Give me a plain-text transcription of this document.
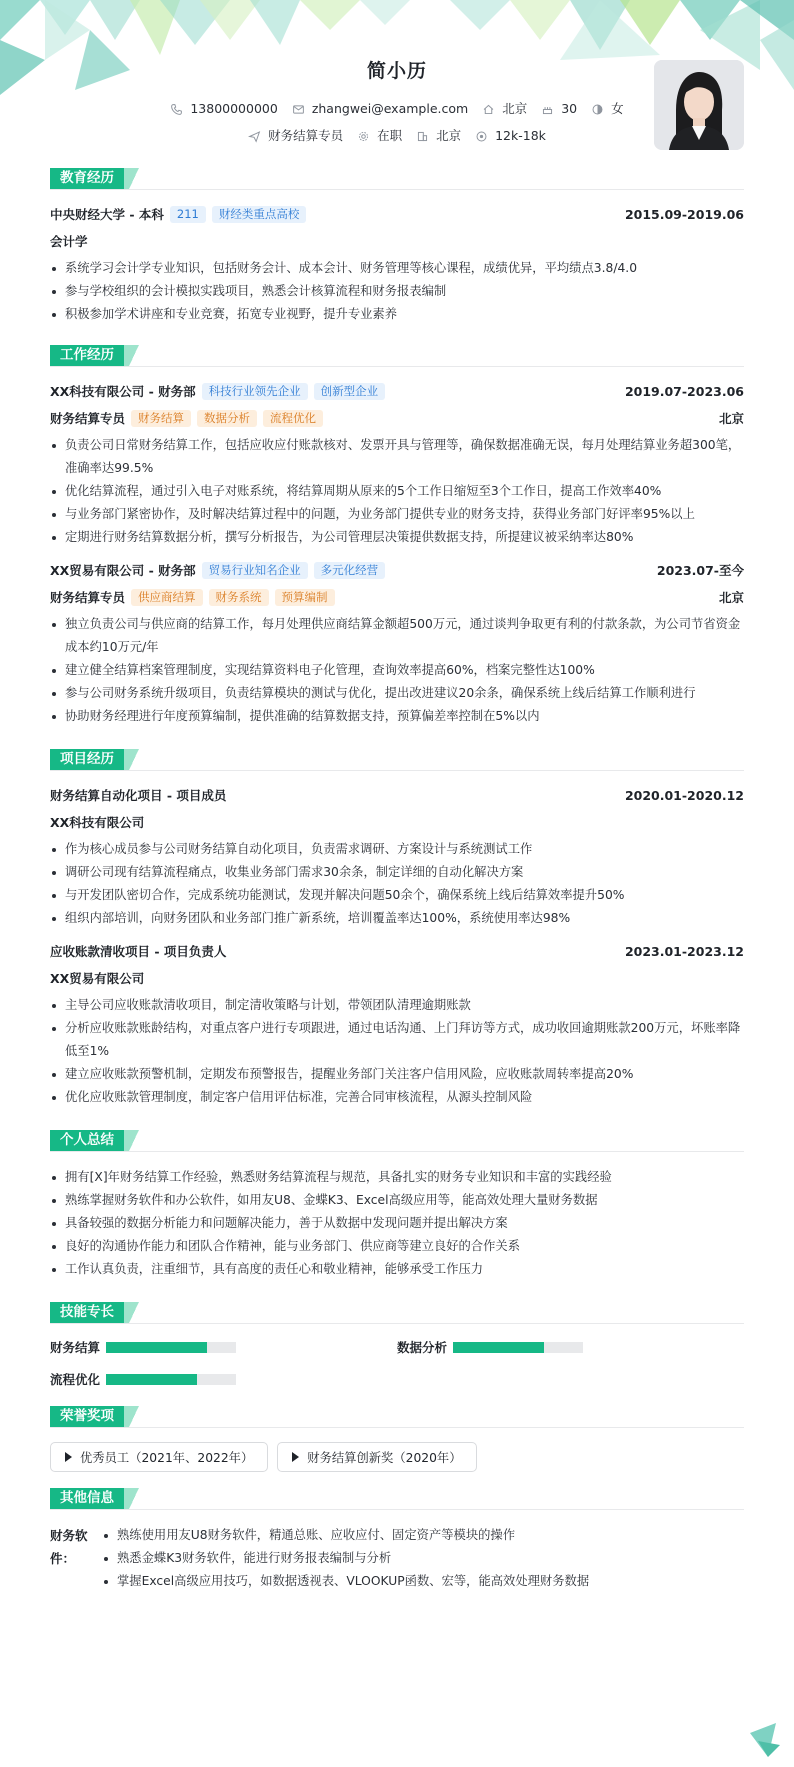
简小历
13800000000	zhangwei@example.com	北京	30	女
财务结算专员	在职	北京	12k-18k
教育经历
中央财经大学 - 本科	211	财经类重点高校	2015.09-2019.06
会计学
系统学习会计学专业知识，包括财务会计、成本会计、财务管理等核心课程，成绩优异，平均绩点3.8/4.0
参与学校组织的会计模拟实践项目，熟悉会计核算流程和财务报表编制
积极参加学术讲座和专业竞赛，拓宽专业视野，提升专业素养
工作经历
XX科技有限公司 - 财务部	科技行业领先企业	创新型企业	2019.07-2023.06
财务结算专员	财务结算	数据分析	流程优化	北京
负责公司日常财务结算工作，包括应收应付账款核对、发票开具与管理等，确保数据准确无误，每月处理结算业务超300笔，准确率达99.5%
优化结算流程，通过引入电子对账系统，将结算周期从原来的5个工作日缩短至3个工作日，提高工作效率40%
与业务部门紧密协作，及时解决结算过程中的问题，为业务部门提供专业的财务支持，获得业务部门好评率95%以上
定期进行财务结算数据分析，撰写分析报告，为公司管理层决策提供数据支持，所提建议被采纳率达80%
XX贸易有限公司 - 财务部	贸易行业知名企业	多元化经营	2023.07-至今
财务结算专员	供应商结算	财务系统	预算编制	北京
独立负责公司与供应商的结算工作，每月处理供应商结算金额超500万元，通过谈判争取更有利的付款条款，为公司节省资金成本约10万元/年
建立健全结算档案管理制度，实现结算资料电子化管理，查询效率提高60%，档案完整性达100%
参与公司财务系统升级项目，负责结算模块的测试与优化，提出改进建议20余条，确保系统上线后结算工作顺利进行
协助财务经理进行年度预算编制，提供准确的结算数据支持，预算偏差率控制在5%以内
项目经历
财务结算自动化项目 - 项目成员	2020.01-2020.12
XX科技有限公司
作为核心成员参与公司财务结算自动化项目，负责需求调研、方案设计与系统测试工作
调研公司现有结算流程痛点，收集业务部门需求30余条，制定详细的自动化解决方案
与开发团队密切合作，完成系统功能测试，发现并解决问题50余个，确保系统上线后结算效率提升50%
组织内部培训，向财务团队和业务部门推广新系统，培训覆盖率达100%，系统使用率达98%
应收账款清收项目 - 项目负责人	2023.01-2023.12
XX贸易有限公司
主导公司应收账款清收项目，制定清收策略与计划，带领团队清理逾期账款
分析应收账款账龄结构，对重点客户进行专项跟进，通过电话沟通、上门拜访等方式，成功收回逾期账款200万元，坏账率降低至1%
建立应收账款预警机制，定期发布预警报告，提醒业务部门关注客户信用风险，应收账款周转率提高20%
优化应收账款管理制度，制定客户信用评估标准，完善合同审核流程，从源头控制风险
个人总结
拥有[X]年财务结算工作经验，熟悉财务结算流程与规范，具备扎实的财务专业知识和丰富的实践经验
熟练掌握财务软件和办公软件，如用友U8、金蝶K3、Excel高级应用等，能高效处理大量财务数据
具备较强的数据分析能力和问题解决能力，善于从数据中发现问题并提出解决方案
良好的沟通协作能力和团队合作精神，能与业务部门、供应商等建立良好的合作关系
工作认真负责，注重细节，具有高度的责任心和敬业精神，能够承受工作压力
技能专长
财务结算	数据分析
流程优化
荣誉奖项
优秀员工（2021年、2022年）	财务结算创新奖（2020年）
其他信息
财务软件：
熟练使用用友U8财务软件，精通总账、应收应付、固定资产等模块的操作
熟悉金蝶K3财务软件，能进行财务报表编制与分析
掌握Excel高级应用技巧，如数据透视表、VLOOKUP函数、宏等，能高效处理财务数据
